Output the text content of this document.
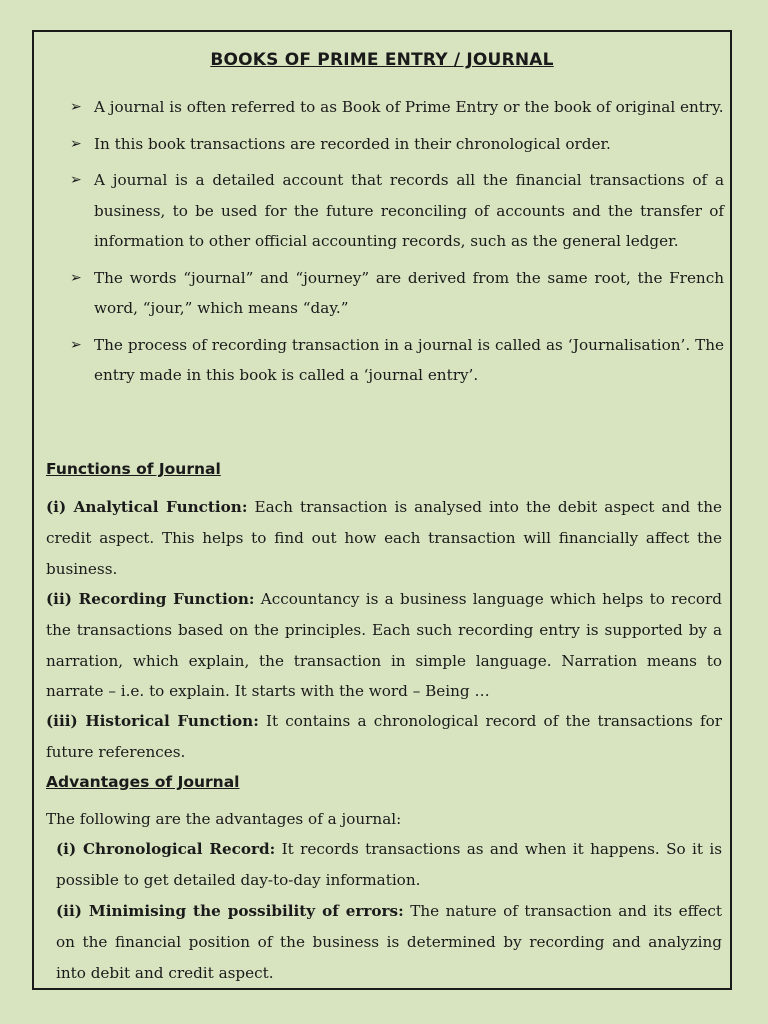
BOOKS OF PRIME ENTRY / JOURNAL
➢ A journal is often referred to as Book of Prime Entry or the book of original entry.
➢ In this book transactions are recorded in their chronological order.
➢ A journal is a detailed account that records all the financial transactions of a business, to be used for the future reconciling of accounts and the transfer of information to other official accounting records, such as the general ledger.
➢ The words “journal” and “journey” are derived from the same root, the French word, “jour,” which means “day.”
➢ The process of recording transaction in a journal is called as ‘Journalisation’. The entry made in this book is called a ‘journal entry’.
Functions of Journal
(i) Analytical Function: Each transaction is analysed into the debit aspect and the credit aspect. This helps to find out how each transaction will financially affect the business.
(ii) Recording Function: Accountancy is a business language which helps to record the transactions based on the principles. Each such recording entry is supported by a narration, which explain, the transaction in simple language. Narration means to narrate – i.e. to explain. It starts with the word – Being …
(iii) Historical Function: It contains a chronological record of the transactions for future references.
Advantages of Journal
The following are the advantages of a journal:
(i) Chronological Record: It records transactions as and when it happens. So it is possible to get detailed day-to-day information.
(ii) Minimising the possibility of errors: The nature of transaction and its effect on the financial position of the business is determined by recording and analyzing into debit and credit aspect.
